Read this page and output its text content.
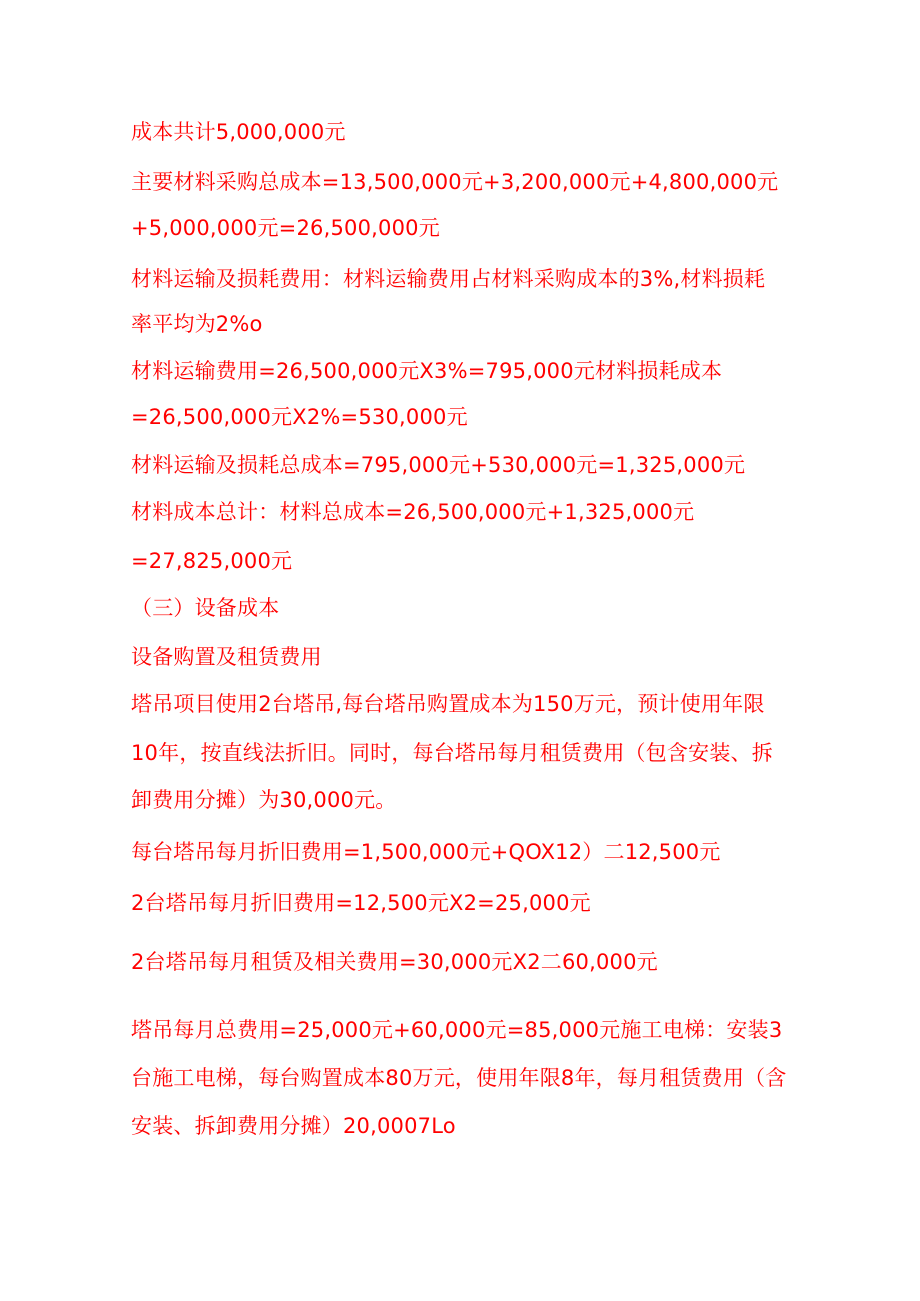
成本共计5,000,000元
主要材料采购总成本=13,500,000元+3,200,000元+4,800,000元
+5,000,000元=26,500,000元
材料运输及损耗费用：材料运输费用占材料采购成本的3%,材料损耗
率平均为2%o
材料运输费用=26,500,000元X3%=795,000元材料损耗成本
=26,500,000元X2%=530,000元
材料运输及损耗总成本=795,000元+530,000元=1,325,000元
材料成本总计：材料总成本=26,500,000元+1,325,000元
=27,825,000元
（三）设备成本
设备购置及租赁费用
塔吊项目使用2台塔吊,每台塔吊购置成本为150万元，预计使用年限
10年，按直线法折旧。同时，每台塔吊每月租赁费用（包含安装、拆
卸费用分摊）为30,000元。
每台塔吊每月折旧费用=1,500,000元+QOX12）二12,500元
2台塔吊每月折旧费用=12,500元X2=25,000元
2台塔吊每月租赁及相关费用=30,000元X2二60,000元
塔吊每月总费用=25,000元+60,000元=85,000元施工电梯：安装3
台施工电梯，每台购置成本80万元，使用年限8年，每月租赁费用（含
安装、拆卸费用分摊）20,0007Lo
